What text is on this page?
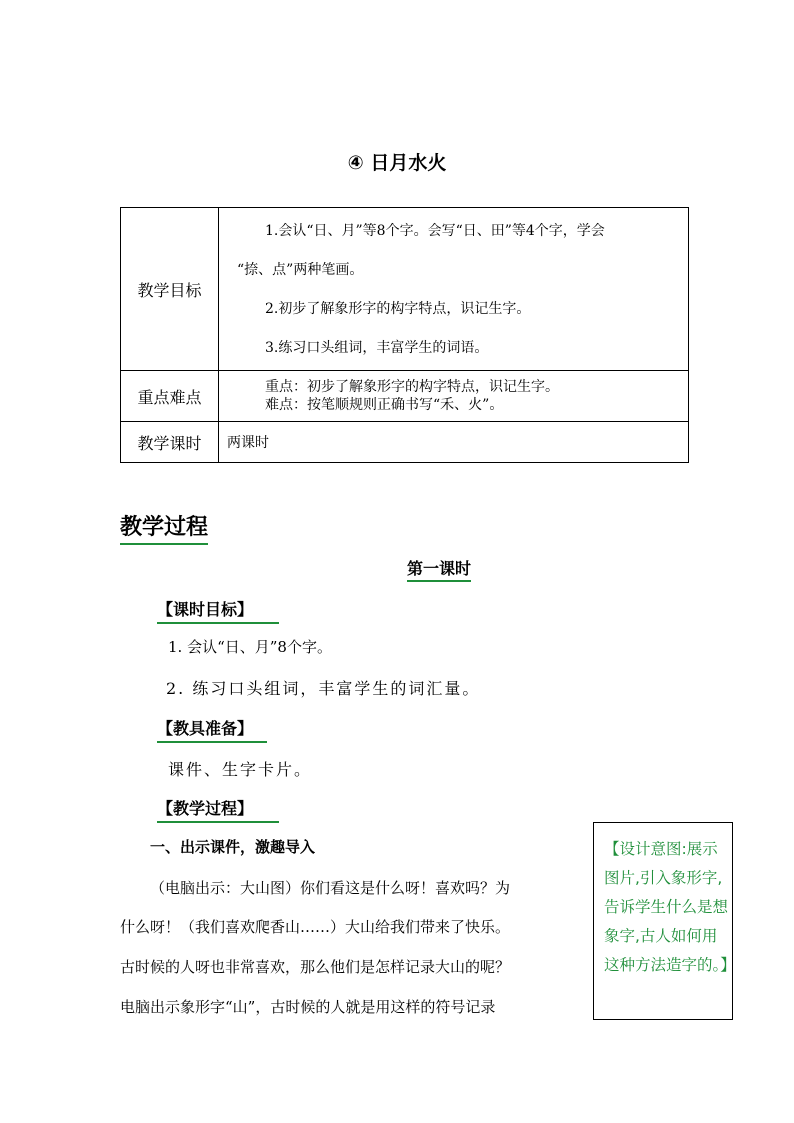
④ 日月水火
教学目标	1.会认“日、月”等8个字。会写“日、田”等4个字，学会

“捺、点”两种笔画。

2.初步了解象形字的构字特点，识记生字。

3.练习口头组词，丰富学生的词语。

重点难点	重点：初步了解象形字的构字特点，识记生字。

难点：按笔顺规则正确书写“禾、火”。

教学课时	两课时
教学过程
第一课时
【课时目标】
1. 会认“日、月”8个字。
2. 练习口头组词，丰富学生的词汇量。
【教具准备】
课件、生字卡片。
【教学过程】
一、出示课件，激趣导入
（电脑出示：大山图）你们看这是什么呀！喜欢吗？为
什么呀！（我们喜欢爬香山……）大山给我们带来了快乐。
古时候的人呀也非常喜欢，那么他们是怎样记录大山的呢？
电脑出示象形字“山”，古时候的人就是用这样的符号记录
【设计意图:展示图片,引入象形字,告诉学生什么是想象字,古人如何用这种方法造字的。】
